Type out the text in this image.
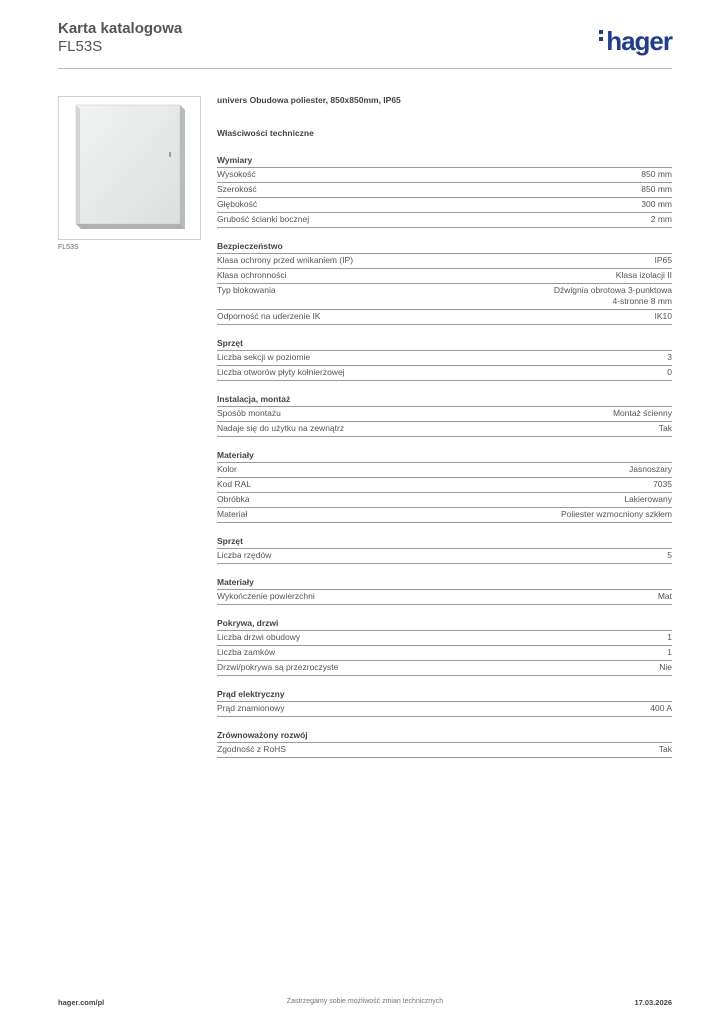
Karta katalogowa
FL53S	hager
FL53S
univers Obudowa poliester, 850x850mm, IP65
Właściwości techniczne
Wymiary
Wysokość	850 mm
Szerokość	850 mm
Głębokość	300 mm
Grubość ścianki bocznej	2 mm
Bezpieczeństwo
Klasa ochrony przed wnikaniem (IP)	IP65
Klasa ochronności	Klasa izolacji II
Typ blokowania	Dźwignia obrotowa 3-punktowa
4-stronne 8 mm
Odporność na uderzenie IK	IK10
Sprzęt
Liczba sekcji w poziomie	3
Liczba otworów płyty kołnierzowej	0
Instalacja, montaż
Sposób montażu	Montaż ścienny
Nadaje się do użytku na zewnątrz	Tak
Materiały
Kolor	Jasnoszary
Kod RAL	7035
Obróbka	Lakierowany
Materiał	Poliester wzmocniony szkłem
Sprzęt
Liczba rzędów	5
Materiały
Wykończenie powierzchni	Mat
Pokrywa, drzwi
Liczba drzwi obudowy	1
Liczba zamków	1
Drzwi/pokrywa są przezroczyste	Nie
Prąd elektryczny
Prąd znamionowy	400 A
Zrównoważony rozwój
Zgodność z RoHS	Tak
hager.com/pl	Zastrzegamy sobie możliwość zmian technicznych	17.03.2026
